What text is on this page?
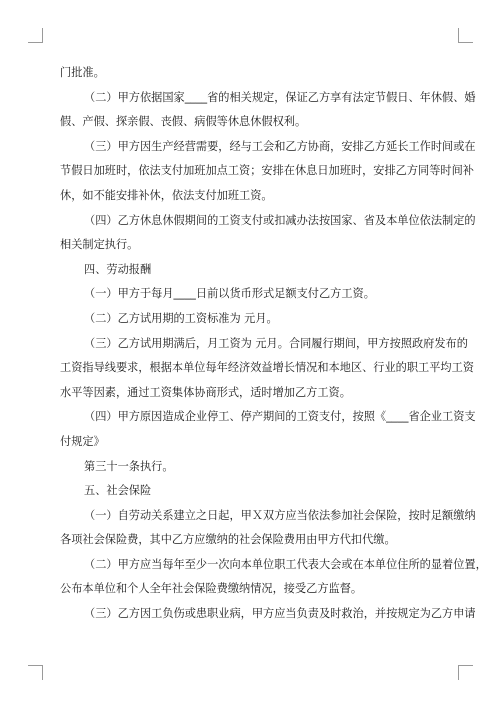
门批准。

（二）甲方依据国家____省的相关规定，保证乙方享有法定节假日、年休假、婚

假、产假、探亲假、丧假、病假等休息休假权利。

（三）甲方因生产经营需要，经与工会和乙方协商，安排乙方延长工作时间或在

节假日加班时，依法支付加班加点工资；安排在休息日加班时，安排乙方同等时间补

休，如不能安排补休，依法支付加班工资。

（四）乙方休息休假期间的工资支付或扣减办法按国家、省及本单位依法制定的

相关制定执行。

四、劳动报酬

（一）甲方于每月____日前以货币形式足额支付乙方工资。

（二）乙方试用期的工资标准为 元月。

（三）乙方试用期满后，月工资为 元月。合同履行期间，甲方按照政府发布的

工资指导线要求，根据本单位每年经济效益增长情况和本地区、行业的职工平均工资

水平等因素，通过工资集体协商形式，适时增加乙方工资。

（四）甲方原因造成企业停工、停产期间的工资支付，按照《____省企业工资支

付规定》

第三十一条执行。

五、社会保险

（一）自劳动关系建立之日起，甲Ｘ双方应当依法参加社会保险，按时足额缴纳

各项社会保险费，其中乙方应缴纳的社会保险费用由甲方代扣代缴。

（二）甲方应当每年至少一次向本单位职工代表大会或在本单位住所的显着位置，

公布本单位和个人全年社会保险费缴纳情况，接受乙方监督。

（三）乙方因工负伤或患职业病，甲方应当负责及时救治，并按规定为乙方申请
